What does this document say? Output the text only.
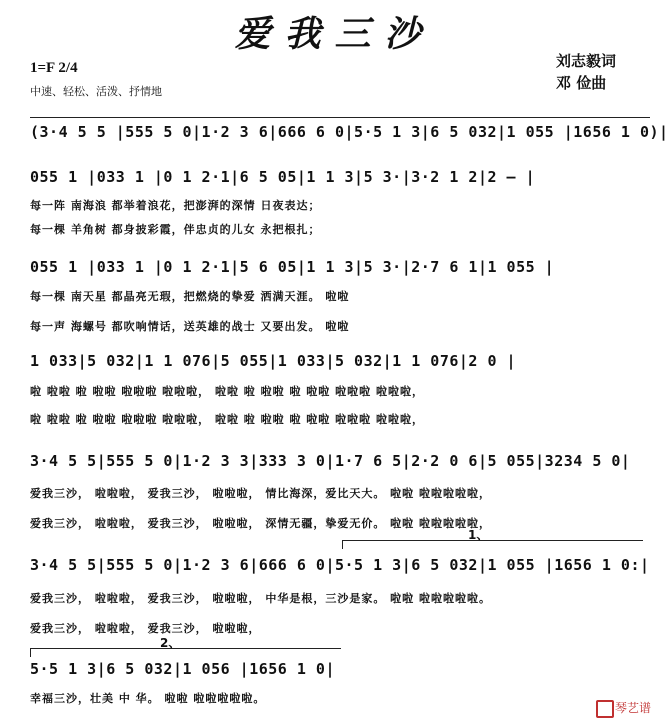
爱我三沙
刘志毅词
邓 俭曲
1=F 2/4
中速、轻松、活泼、抒情地
(3·4 5 5 |555 5 0|1·2 3 6|666 6 0|5·5 1 3|6 5 032|1 055 |1656 1 0)|
055 1 |033 1 |0 1 2·1|6 5 05|1 1 3|5 3·|3·2 1 2|2 — |
每一阵 南海浪 都举着浪花，把澎湃的深情 日夜表达；
每一棵 羊角树 都身披彩霞，伴忠贞的儿女 永把根扎；
055 1 |033 1 |0 1 2·1|5 6 05|1 1 3|5 3·|2·7 6 1|1 055 |
每一棵 南天星 都晶亮无瑕，把燃烧的挚爱 洒满天涯。 啦啦
每一声 海螺号 都吹响情话，送英雄的战士 又要出发。 啦啦
1 033|5 032|1 1 076|5 055|1 033|5 032|1 1 076|2 0 |
啦 啦啦 啦 啦啦 啦啦啦 啦啦啦， 啦啦 啦 啦啦 啦 啦啦 啦啦啦 啦啦啦，
啦 啦啦 啦 啦啦 啦啦啦 啦啦啦， 啦啦 啦 啦啦 啦 啦啦 啦啦啦 啦啦啦，
3·4 5 5|555 5 0|1·2 3 3|333 3 0|1·7 6 5|2·2 0 6|5 055|3234 5 0|
爱我三沙， 啦啦啦， 爱我三沙， 啦啦啦， 情比海深，爱比天大。 啦啦 啦啦啦啦啦，
爱我三沙， 啦啦啦， 爱我三沙， 啦啦啦， 深情无疆，挚爱无价。 啦啦 啦啦啦啦啦，
1、
3·4 5 5|555 5 0|1·2 3 6|666 6 0|5·5 1 3|6 5 032|1 055 |1656 1 0:|
爱我三沙， 啦啦啦， 爱我三沙， 啦啦啦， 中华是根，三沙是家。 啦啦 啦啦啦啦啦。
爱我三沙， 啦啦啦， 爱我三沙， 啦啦啦，
2、
5·5 1 3|6 5 032|1 056 |1656 1 0|
幸福三沙，壮美 中 华。 啦啦 啦啦啦啦啦。
琴艺谱
